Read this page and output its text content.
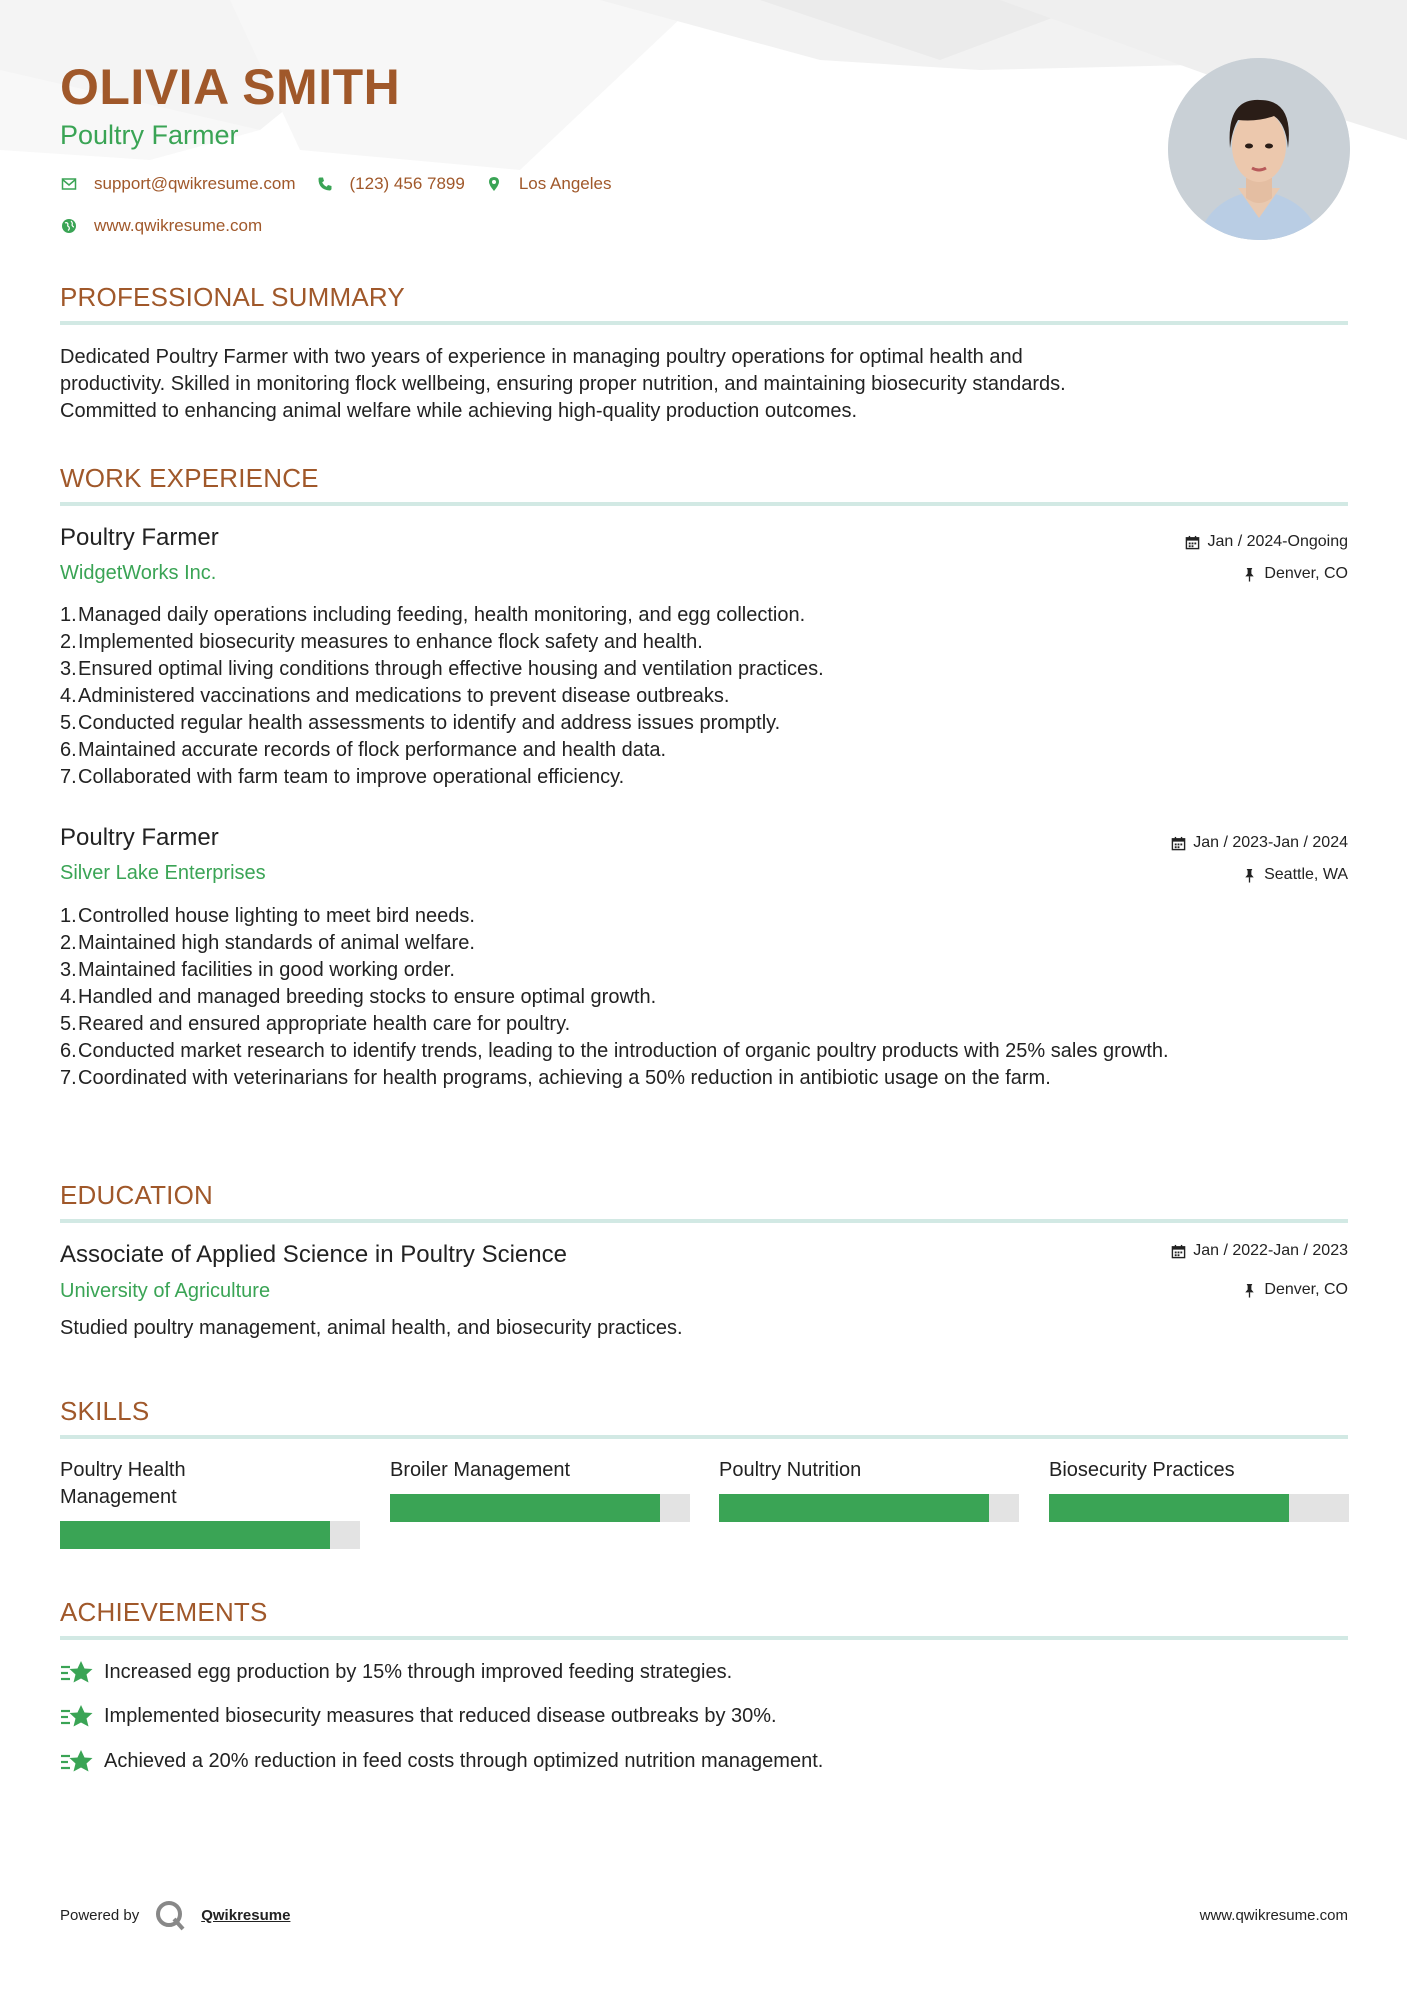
OLIVIA SMITH
Poultry Farmer
support@qwikresume.com	(123) 456 7899	Los Angeles
www.qwikresume.com
PROFESSIONAL SUMMARY
Dedicated Poultry Farmer with two years of experience in managing poultry operations for optimal health and
productivity. Skilled in monitoring flock wellbeing, ensuring proper nutrition, and maintaining biosecurity standards.
Committed to enhancing animal welfare while achieving high-quality production outcomes.
WORK EXPERIENCE
Poultry Farmer
WidgetWorks Inc.
Jan / 2024-Ongoing
Denver, CO
1. Managed daily operations including feeding, health monitoring, and egg collection.
2. Implemented biosecurity measures to enhance flock safety and health.
3. Ensured optimal living conditions through effective housing and ventilation practices.
4. Administered vaccinations and medications to prevent disease outbreaks.
5. Conducted regular health assessments to identify and address issues promptly.
6. Maintained accurate records of flock performance and health data.
7. Collaborated with farm team to improve operational efficiency.
Poultry Farmer
Silver Lake Enterprises
Jan / 2023-Jan / 2024
Seattle, WA
1. Controlled house lighting to meet bird needs.
2. Maintained high standards of animal welfare.
3. Maintained facilities in good working order.
4. Handled and managed breeding stocks to ensure optimal growth.
5. Reared and ensured appropriate health care for poultry.
6. Conducted market research to identify trends, leading to the introduction of organic poultry products with 25% sales growth.
7. Coordinated with veterinarians for health programs, achieving a 50% reduction in antibiotic usage on the farm.
EDUCATION
Associate of Applied Science in Poultry Science
University of Agriculture
Jan / 2022-Jan / 2023
Denver, CO
Studied poultry management, animal health, and biosecurity practices.
SKILLS
Poultry Health Management
Broiler Management	Poultry Nutrition	Biosecurity Practices
ACHIEVEMENTS
Increased egg production by 15% through improved feeding strategies.
Implemented biosecurity measures that reduced disease outbreaks by 30%.
Achieved a 20% reduction in feed costs through optimized nutrition management.
Powered by	Qwikresume	www.qwikresume.com
